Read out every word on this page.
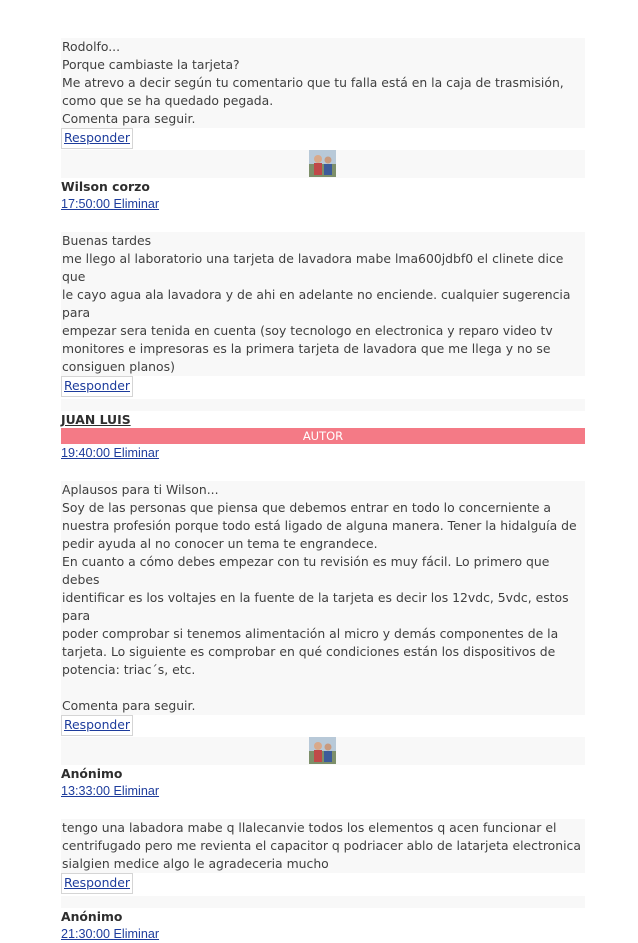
Rodolfo...
Porque cambiaste la tarjeta?
Me atrevo a decir según tu comentario que tu falla está en la caja de trasmisión,
como que se ha quedado pegada.
Comenta para seguir.
Responder
Wilson corzo
17:50:00 Eliminar
Buenas tardes
me llego al laboratorio una tarjeta de lavadora mabe lma600jdbf0 el clinete dice que
le cayo agua ala lavadora y de ahi en adelante no enciende. cualquier sugerencia para
empezar sera tenida en cuenta (soy tecnologo en electronica y reparo video tv
monitores e impresoras es la primera tarjeta de lavadora que me llega y no se
consiguen planos)
Responder
JUAN LUIS
AUTOR
19:40:00 Eliminar
Aplausos para ti Wilson...
Soy de las personas que piensa que debemos entrar en todo lo concerniente a
nuestra profesión porque todo está ligado de alguna manera. Tener la hidalguía de
pedir ayuda al no conocer un tema te engrandece.
En cuanto a cómo debes empezar con tu revisión es muy fácil. Lo primero que debes
identificar es los voltajes en la fuente de la tarjeta es decir los 12vdc, 5vdc, estos para
poder comprobar si tenemos alimentación al micro y demás componentes de la
tarjeta. Lo siguiente es comprobar en qué condiciones están los dispositivos de
potencia: triac´s, etc.

Comenta para seguir.
Responder
Anónimo
13:33:00 Eliminar
tengo una labadora mabe q llalecanvie todos los elementos q acen funcionar el
centrifugado pero me revienta el capacitor q podriacer ablo de latarjeta electronica
sialgien medice algo le agradeceria mucho
Responder
Anónimo
21:30:00 Eliminar
